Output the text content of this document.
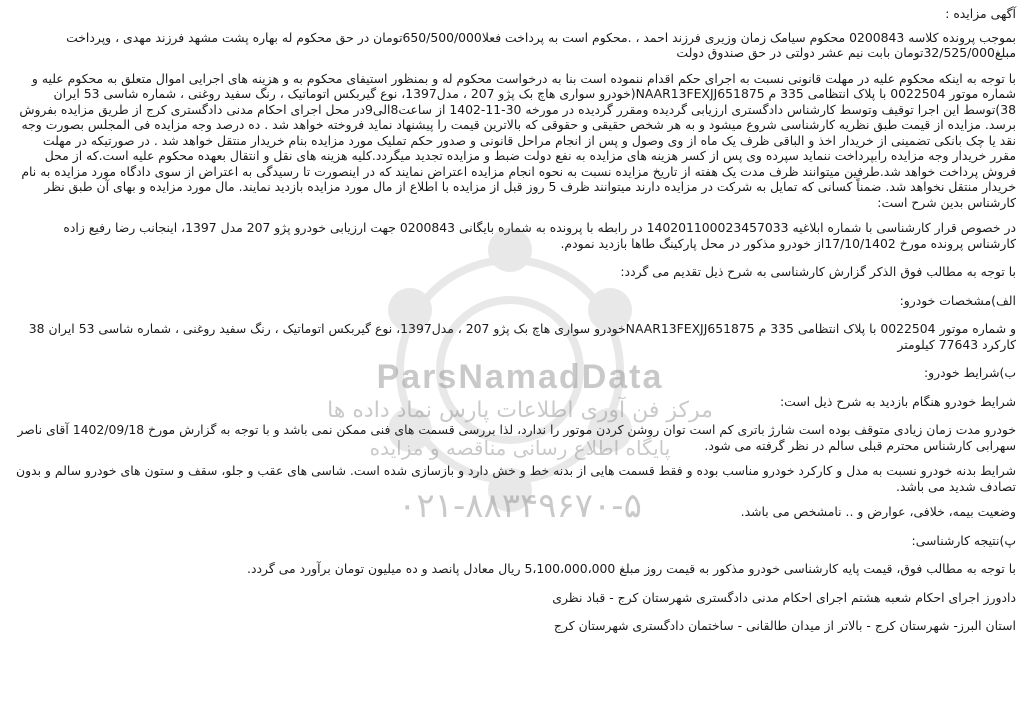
آگهی مزایده :

بموجب پرونده کلاسه 0200843 محکوم سیامک زمان وزیری فرزند احمد ، .محکوم است به پرداخت فعلا650/500/000تومان در حق محکوم له بهاره پشت مشهد فرزند مهدی ، وپرداخت مبلغ32/525/000تومان بابت نیم عشر دولتی در حق صندوق دولت

با توجه به اینکه محکوم علیه در مهلت قانونی نسبت به اجرای حکم اقدام ننموده است بنا به درخواست محکوم له و بمنظور استیفای محکوم به و هزینه های اجرایی اموال متعلق به محکوم علیه و شماره موتور 0022504 با پلاک انتظامی 335 م NAAR13FEXJJ651875(خودرو سواری هاچ بک پژو 207 ، مدل1397، نوع گیربکس اتوماتیک ، رنگ سفید روغنی ، شماره شاسی 53 ایران 38)توسط این اجرا توقیف وتوسط کارشناس دادگستری ارزیابی گردیده ومقرر گردیده در مورخه 30-11-1402 از ساعت8الی9در محل اجرای احکام مدنی دادگستری کرج از طریق مزایده بفروش برسد. مزایده از قیمت طبق نظریه کارشناسی شروع میشود و به هر شخص حقیقی و حقوقی که بالاترین قیمت را پیشنهاد نماید فروخته خواهد شد . ده درصد وجه مزایده فی المجلس بصورت وجه نقد یا چک بانکی تضمینی از خریدار اخذ و الباقی ظرف یک ماه از وی وصول و پس از انجام مراحل قانونی و صدور حکم تملیک مورد مزایده بنام خریدار منتقل خواهد شد . در صورتیکه در مهلت مقرر خریدار وجه مزایده رابپرداخت ننماید سپرده وی پس از کسر هزینه های مزایده به نفع دولت ضبط و مزایده تجدید میگردد.کلیه هزینه های نقل و انتقال بعهده محکوم علیه است.که از محل فروش پرداخت خواهد شد.طرفین میتوانند ظرف مدت یک هفته از تاریخ مزایده نسبت به نحوه انجام مزایده اعتراض نمایند که در اینصورت تا رسیدگی به اعتراض از سوی دادگاه مورد مزایده به نام خریدار منتقل نخواهد شد. ضمناً کسانی که تمایل به شرکت در مزایده دارند میتوانند ظرف 5 روز قبل از مزایده با اطلاع از مال مورد مزایده بازدید نمایند. مال مورد مزایده و بهای آن طبق نظر کارشناس بدین شرح است:

در خصوص قرار کارشناسی با شماره ابلاغیه 140201100023457033 در رابطه با پرونده به شماره بایگانی 0200843 جهت ارزیابی خودرو پژو 207 مدل 1397، اینجانب رضا رفیع زاده کارشناس پرونده مورخ 17/10/1402از خودرو مذکور در محل پارکینگ طاها بازدید نمودم.

با توجه به مطالب فوق الذکر گزارش کارشناسی به شرح ذیل تقدیم می گردد:

الف)مشخصات خودرو:

و شماره موتور 0022504 با پلاک انتظامی 335 م NAAR13FEXJJ651875خودرو سواری هاچ بک پژو 207 ، مدل1397، نوع گیربکس اتوماتیک ، رنگ سفید روغنی ، شماره شاسی 53 ایران 38 کارکرد 77643 کیلومتر

ب)شرایط خودرو:

شرایط خودرو هنگام بازدید به شرح ذیل است:

خودرو مدت زمان زیادی متوقف بوده است شارژ باتری کم است توان روشن کردن موتور را ندارد، لذا بررسی قسمت های فنی ممکن نمی باشد و با توجه به گزارش مورخ 1402/09/18 آقای ناصر سهرابی کارشناس محترم قبلی سالم در نظر گرفته می شود.

شرایط بدنه خودرو نسبت به مدل و کارکرد خودرو مناسب بوده و فقط قسمت هایی از بدنه خط و خش دارد و بازسازی شده است. شاسی های عقب و جلو، سقف و ستون های خودرو سالم و بدون تصادف شدید می باشد.

وضعیت بیمه، خلافی، عوارض و .. نامشخص می باشد.

پ)نتیجه کارشناسی:

با توجه به مطالب فوق، قیمت پایه کارشناسی خودرو مذکور به قیمت روز مبلغ 5،100،000،000 ریال معادل پانصد و ده میلیون تومان برآورد می گردد.

دادورز اجرای احکام شعبه هشتم اجرای احکام مدنی دادگستری شهرستان کرج - قباد نظری

استان البرز- شهرستان کرج - بالاتر از میدان طالقانی - ساختمان دادگستری شهرستان کرج

ParsNamadData
مرکز فن آوری اطلاعات پارس نماد داده ها
پایگاه اطلاع رسانی مناقصه و مزایده
۰۲۱-۸۸۳۴۹۶۷۰-۵
